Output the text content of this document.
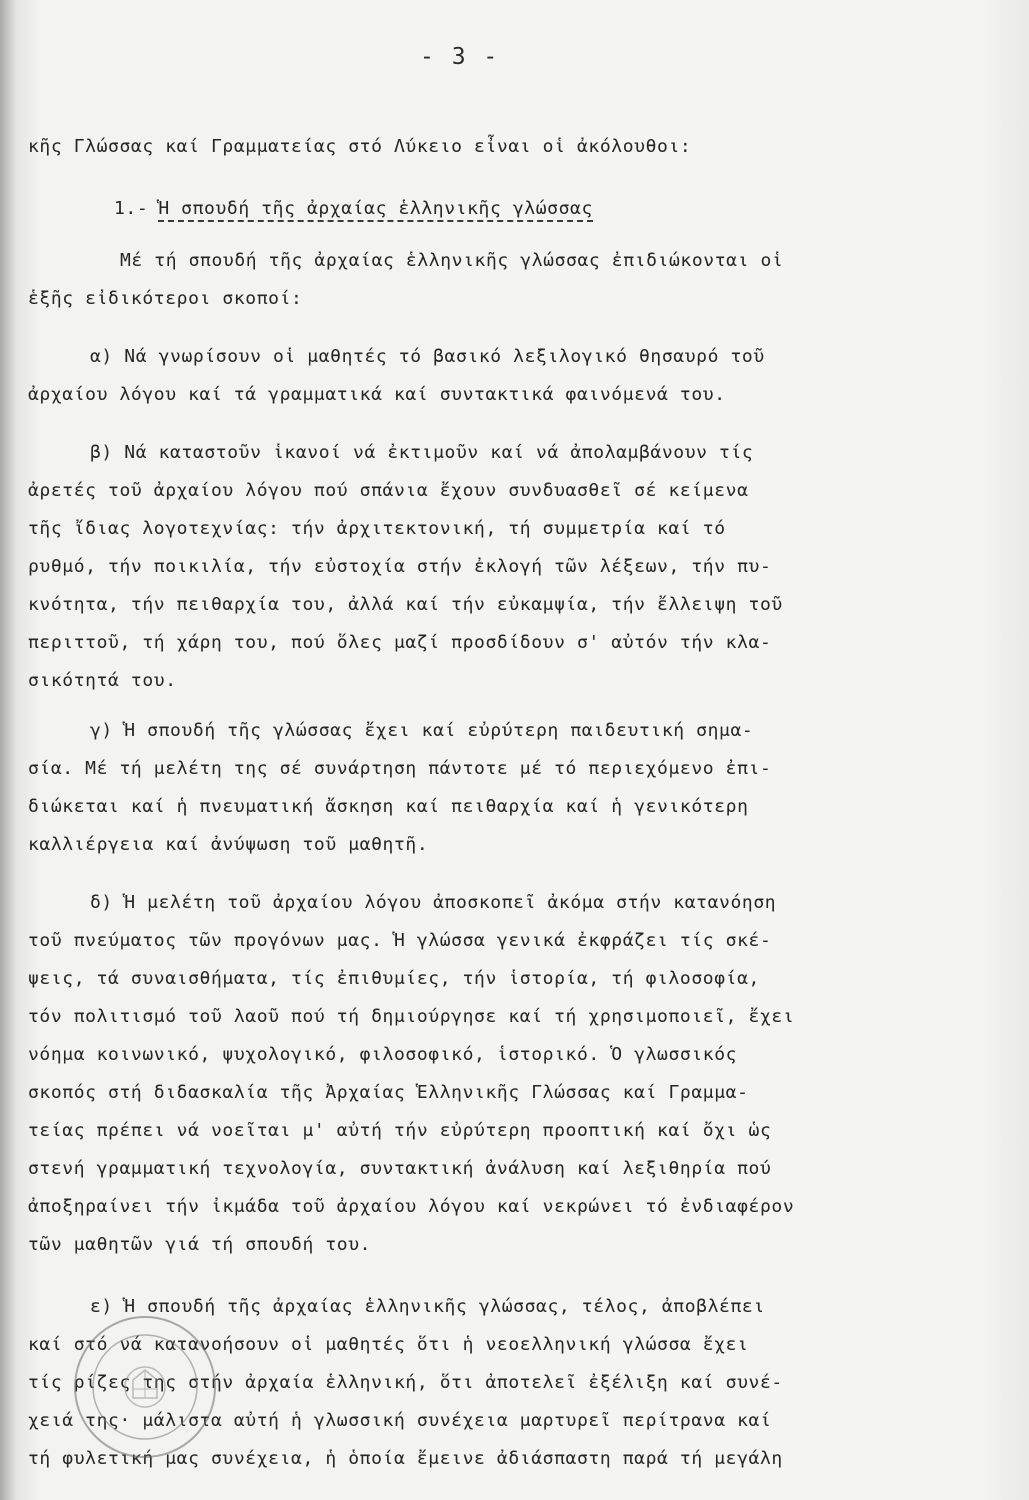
- 3 -
κῆς Γλώσσας καί Γραμματείας στό Λύκειο εἶναι οἱ ἀκόλουθοι:
1.- Ἡ σπουδή τῆς ἀρχαίας ἑλληνικῆς γλώσσας
Μέ τή σπουδή τῆς ἀρχαίας ἑλληνικῆς γλώσσας ἐπιδιώκονται οἱ
ἑξῆς εἰδικότεροι σκοποί:
α) Νά γνωρίσουν οἱ μαθητές τό βασικό λεξιλογικό θησαυρό τοῦ
ἀρχαίου λόγου καί τά γραμματικά καί συντακτικά φαινόμενά του.
β) Νά καταστοῦν ἱκανοί νά ἐκτιμοῦν καί νά ἀπολαμβάνουν τίς
ἀρετές τοῦ ἀρχαίου λόγου πού σπάνια ἔχουν συνδυασθεῖ σέ κείμενα
τῆς ἴδιας λογοτεχνίας: τήν ἀρχιτεκτονική, τή συμμετρία καί τό
ρυθμό, τήν ποικιλία, τήν εὐστοχία στήν ἐκλογή τῶν λέξεων, τήν πυ-
κνότητα, τήν πειθαρχία του, ἀλλά καί τήν εὐκαμψία, τήν ἔλλειψη τοῦ
περιττοῦ, τή χάρη του, πού ὅλες μαζί προσδίδουν σ' αὐτόν τήν κλα-
σικότητά του.
γ) Ἡ σπουδή τῆς γλώσσας ἔχει καί εὐρύτερη παιδευτική σημα-
σία. Μέ τή μελέτη της σέ συνάρτηση πάντοτε μέ τό περιεχόμενο ἐπι-
διώκεται καί ἡ πνευματική ἄσκηση καί πειθαρχία καί ἡ γενικότερη
καλλιέργεια καί ἀνύψωση τοῦ μαθητῆ.
δ) Ἡ μελέτη τοῦ ἀρχαίου λόγου ἀποσκοπεῖ ἀκόμα στήν κατανόηση
τοῦ πνεύματος τῶν προγόνων μας. Ἡ γλώσσα γενικά ἐκφράζει τίς σκέ-
ψεις, τά συναισθήματα, τίς ἐπιθυμίες, τήν ἱστορία, τή φιλοσοφία,
τόν πολιτισμό τοῦ λαοῦ πού τή δημιούργησε καί τή χρησιμοποιεῖ, ἔχει
νόημα κοινωνικό, ψυχολογικό, φιλοσοφικό, ἱστορικό. Ὁ γλωσσικός
σκοπός στή διδασκαλία τῆς Ἀρχαίας Ἑλληνικῆς Γλώσσας καί Γραμμα-
τείας πρέπει νά νοεῖται μ' αὐτή τήν εὐρύτερη προοπτική καί ὄχι ὡς
στενή γραμματική τεχνολογία, συντακτική ἀνάλυση καί λεξιθηρία πού
ἀποξηραίνει τήν ἰκμάδα τοῦ ἀρχαίου λόγου καί νεκρώνει τό ἐνδιαφέρον
τῶν μαθητῶν γιά τή σπουδή του.
ε) Ἡ σπουδή τῆς ἀρχαίας ἑλληνικῆς γλώσσας, τέλος, ἀποβλέπει
καί στό νά κατανοήσουν οἱ μαθητές ὅτι ἡ νεοελληνική γλώσσα ἔχει
τίς ρίζες της στήν ἀρχαία ἑλληνική, ὅτι ἀποτελεῖ ἐξέλιξη καί συνέ-
χειά της· μάλιστα αὐτή ἡ γλωσσική συνέχεια μαρτυρεῖ περίτρανα καί
τή φυλετική μας συνέχεια, ἡ ὁποία ἔμεινε ἀδιάσπαστη παρά τή μεγάλη
